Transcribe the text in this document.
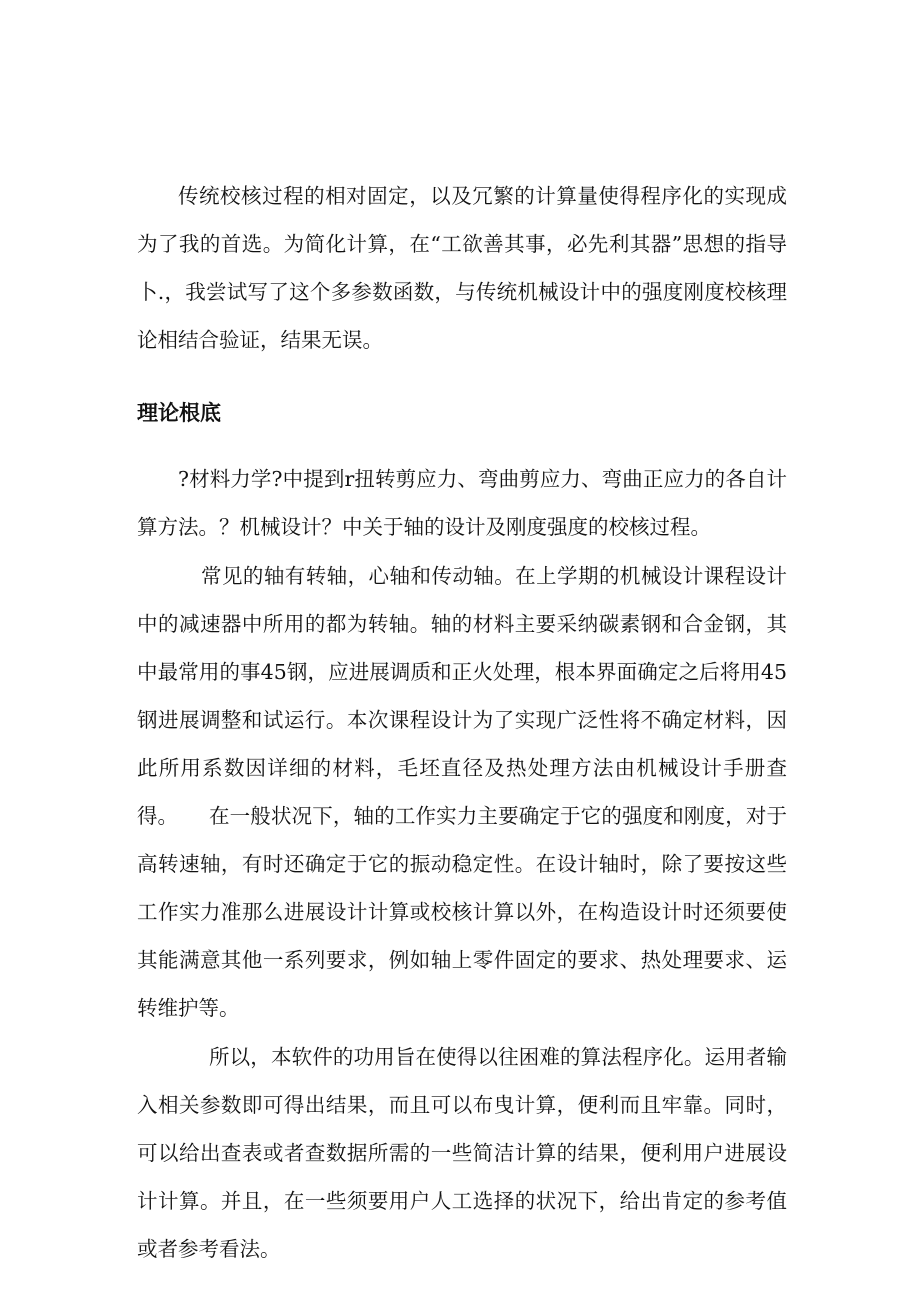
传统校核过程的相对固定，以及冗繁的计算量使得程序化的实现成为了我的首选。为简化计算，在“工欲善其事，必先利其器”思想的指导卜.，我尝试写了这个多参数函数，与传统机械设计中的强度刚度校核理论相结合验证，结果无误。

理论根底

?材料力学?中提到r扭转剪应力、弯曲剪应力、弯曲正应力的各自计算方法。？机械设计？中关于轴的设计及刚度强度的校核过程。

常见的轴有转轴，心轴和传动轴。在上学期的机械设计课程设计中的减速器中所用的都为转轴。轴的材料主要采纳碳素钢和合金钢，其中最常用的事45钢，应进展调质和正火处理，根本界面确定之后将用45钢进展调整和试运行。本次课程设计为了实现广泛性将不确定材料，因此所用系数因详细的材料，毛坯直径及热处理方法由机械设计手册查得。	在一般状况下，轴的工作实力主要确定于它的强度和刚度，对于高转速轴，有时还确定于它的振动稳定性。在设计轴时，除了要按这些工作实力准那么进展设计计算或校核计算以外，在构造设计时还须要使其能满意其他一系列要求，例如轴上零件固定的要求、热处理要求、运转维护等。

所以，本软件的功用旨在使得以往困难的算法程序化。运用者输入相关参数即可得出结果，而且可以布曳计算，便利而且牢靠。同时，可以给出查表或者查数据所需的一些简洁计算的结果，便利用户进展设计计算。并且，在一些须要用户人工选择的状况下，给出肯定的参考值或者参考看法。
